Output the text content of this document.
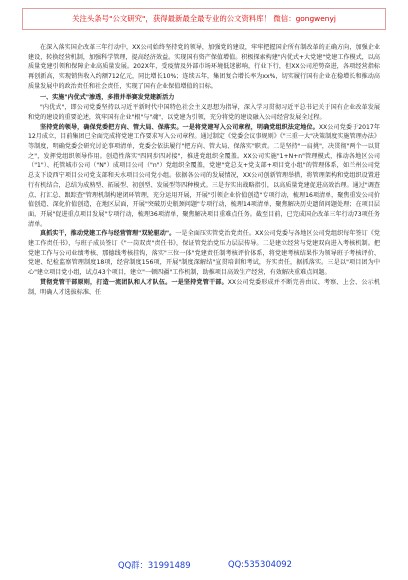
关注头条号"公文研究"，获得最新最全最专业的公文资料库！ 微信：gongwenyj

在深入落实国企改革三年行动中，XX公司始终坚持党的领导，加强党的建设，牢牢把握国企所有制改革的正确方向，加强企业建设，转换经营机制，加强科学管理，提高经济效益。实现国有资产保值增值。积极探索构建"内优式+大党建"党建工作模式，以高质量党建引领和保障企业高质量发展。202X年，受疫情及外部市场环境低迷影响，行业下行，但XX公司逆势奋进，各项经营指标再创新高，实现销售收入约额712亿元，同比增长10%；连续五年，集团复合增长率为xx%，切实履行国有企业在稳增长和推动高质量发展中的政治责任和社会责任，实现了国有企业保值增值的目标。

一、实施"内优式"渗透，多措并举赛发党建新活力

"内优式"，即公司党委坚持以习近平新时代中国特色社会主义思想为指导，深入学习贯彻习近平总书记关于国有企业改革发展和党的建设的重要论述，筑牢国有企业"根"与"魂"，以党建为引领，充分将党的建设融入公司经营发展全过程。

坚持党的领导，确保党委把方向、管大局、保落实。一是将党建写入公司章程，明确党组织法定地位。XX公司党委于2017年12月成立，目前集团已全面完成将党建工作要求写入公司章程。通过制定《党委会议事规则》《"三重一大"决策制度实施管理办法》等制度，明确党委会研究讨论事项清单，党委会依法履行"把方向、管大局、保落实"职责。二是坚持"一肩挑"，决贯彻"两个一以贯之"，发挥党组织领导作用。创造性落实"四同步四对接"，推进党组织全覆盖。XX公司实施"1+N+n"管理模式，推动各地区公司（"1"）、托管城市公司（"N"）成项目公司（"n"）党组织全覆盖，党建"党总支+党支部+项目党小组"的管理体系，如兰州公司党总支下设西宁项目公司党支部和天水项目公司党小组。依据各公司的发展情况，XX公司创新管理举措，将管理架构和党组织设置进行有机结合，总结为成熟型、拓展型、初创型、发展型等四种模式。三是夯实出战略指引，以高质量党建促进高效治理。通过"调查点、打汇总、跟踪查"管理机制构建闭环管理，充分运用开展，开展"引领企业价值创造"专项行动，梳理16项清单，聚焦重发公司价值创造、深化价值创造，在地区层面，开展"突破历史瓶颈问题"专项行动，梳理14项清单，聚焦解决历史遗留问题处理；在项目层面，开展"促进重点项目发展"专项行动，梳理36项清单，聚焦解决项目重难点任务。截至目前，已完成国企改革三年行动73项任务清单。

真抓实干，推动党建工作与经营管理"双轮驱动"。一是全面压实管党治党责任。XX公司党委与各地区公司党组织每年签订《党建工作责任书》，与班子成员签订《"一岗双责"责任书》，保证管党治党压力层层传导。二是建立经营与党建双向进入考核机制。把党建工作与公司业绩考核、那德线考核挂钩，落实"三位一体"党建责任制考核评价体系，将党建考核结果作为领导班子考核评价、党建、纪检监察管理制度18项，经营制度156项，开展"制度深解结"宣贯培训和考试，夯实责任，据抓落实。三是以"项目团为中心"建立项目党小组，试点43个项目，建立"一顿四疆"工作机制，助推项目高效生产经营，有效解决重难点问题。

贯彻党管干部原则，打造一流团队和人才队伍。一是坚持党管干部。XX公司党委形成并不断完善由议、考察、上会、公示机制，明确人才选拔标准、任

QQ群：31991489	QQ:535304092
